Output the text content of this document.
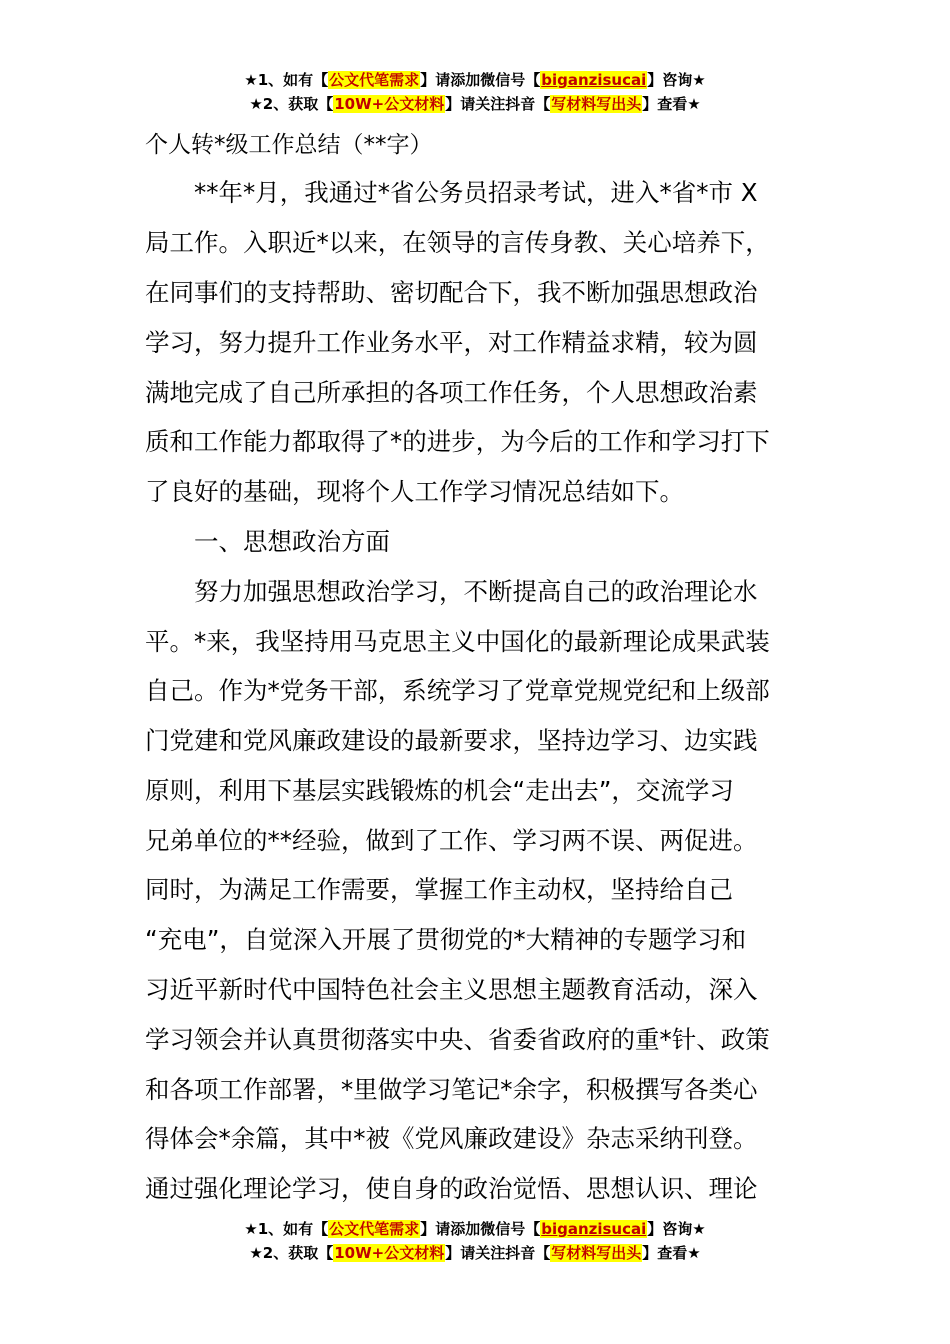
★1、如有【公文代笔需求】请添加微信号【biganzisucai】咨询★
★2、获取【10W+公文材料】请关注抖音【写材料写出头】查看★
个人转*级工作总结（**字）
　　**年*月，我通过*省公务员招录考试，进入*省*市 X
局工作。入职近*以来，在领导的言传身教、关心培养下，
在同事们的支持帮助、密切配合下，我不断加强思想政治
学习，努力提升工作业务水平，对工作精益求精，较为圆
满地完成了自己所承担的各项工作任务，个人思想政治素
质和工作能力都取得了*的进步，为今后的工作和学习打下
了良好的基础，现将个人工作学习情况总结如下。
　　一、思想政治方面
　　努力加强思想政治学习，不断提高自己的政治理论水
平。*来，我坚持用马克思主义中国化的最新理论成果武装
自己。作为*党务干部，系统学习了党章党规党纪和上级部
门党建和党风廉政建设的最新要求，坚持边学习、边实践
原则，利用下基层实践锻炼的机会“走出去”，交流学习
兄弟单位的**经验，做到了工作、学习两不误、两促进。
同时，为满足工作需要，掌握工作主动权，坚持给自己
“充电”，自觉深入开展了贯彻党的*大精神的专题学习和
习近平新时代中国特色社会主义思想主题教育活动，深入
学习领会并认真贯彻落实中央、省委省政府的重*针、政策
和各项工作部署，*里做学习笔记*余字，积极撰写各类心
得体会*余篇，其中*被《党风廉政建设》杂志采纳刊登。
通过强化理论学习，使自身的政治觉悟、思想认识、理论
★1、如有【公文代笔需求】请添加微信号【biganzisucai】咨询★
★2、获取【10W+公文材料】请关注抖音【写材料写出头】查看★
